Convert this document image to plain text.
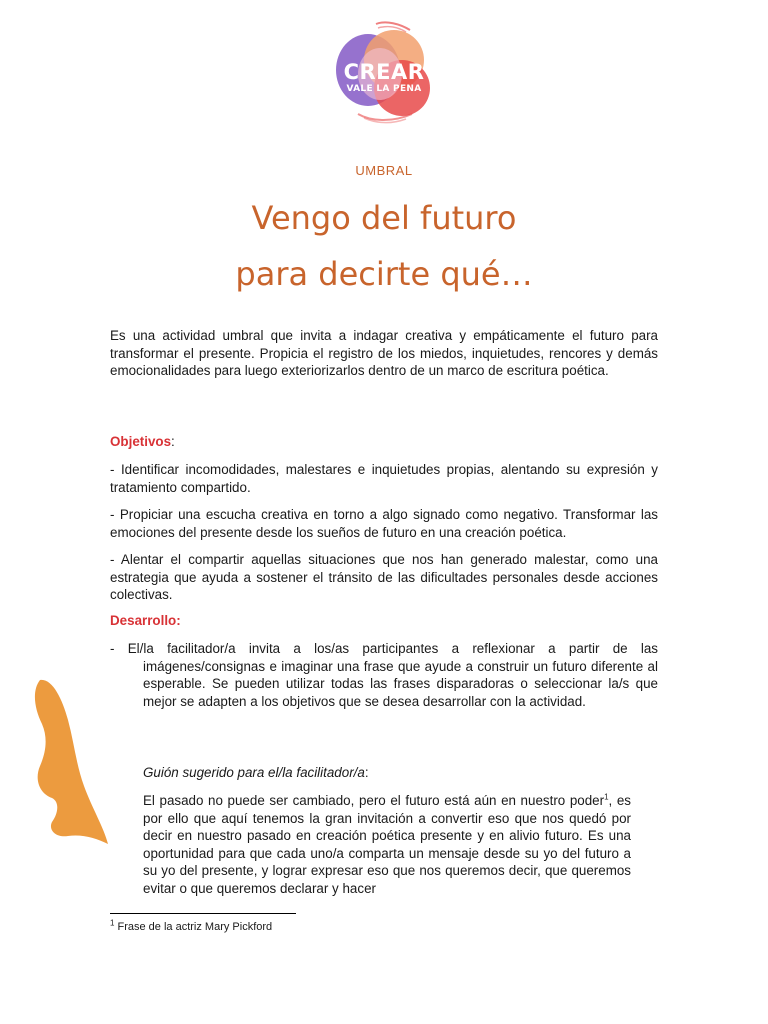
CREAR
VALE LA PENA
UMBRAL
Vengo del futuro
para decirte qué…
Es una actividad umbral que invita a indagar creativa y empáticamente el futuro para transformar el presente. Propicia el registro de los miedos, inquietudes, rencores y demás emocionalidades para luego exteriorizarlos dentro de un marco de escritura poética.
Objetivos:
- Identificar incomodidades, malestares e inquietudes propias, alentando su expresión y tratamiento compartido.
- Propiciar una escucha creativa en torno a algo signado como negativo. Transformar las emociones del presente desde los sueños de futuro en una creación poética.
- Alentar el compartir aquellas situaciones que nos han generado malestar, como una estrategia que ayuda a sostener el tránsito de las dificultades personales desde acciones colectivas.
Desarrollo:
- El/la facilitador/a invita a los/as participantes a reflexionar a partir de las imágenes/consignas e imaginar una frase que ayude a construir un futuro diferente al esperable. Se pueden utilizar todas las frases disparadoras o seleccionar la/s que mejor se adapten a los objetivos que se desea desarrollar con la actividad.
Guión sugerido para el/la facilitador/a:
El pasado no puede ser cambiado, pero el futuro está aún en nuestro poder$^1$, es por ello que aquí tenemos la gran invitación a convertir eso que nos quedó por decir en nuestro pasado en creación poética presente y en alivio futuro. Es una oportunidad para que cada uno/a comparta un mensaje desde su yo del futuro a su yo del presente, y lograr expresar eso que nos queremos decir, que queremos evitar o que queremos declarar y hacer
$^1$ Frase de la actriz Mary Pickford
